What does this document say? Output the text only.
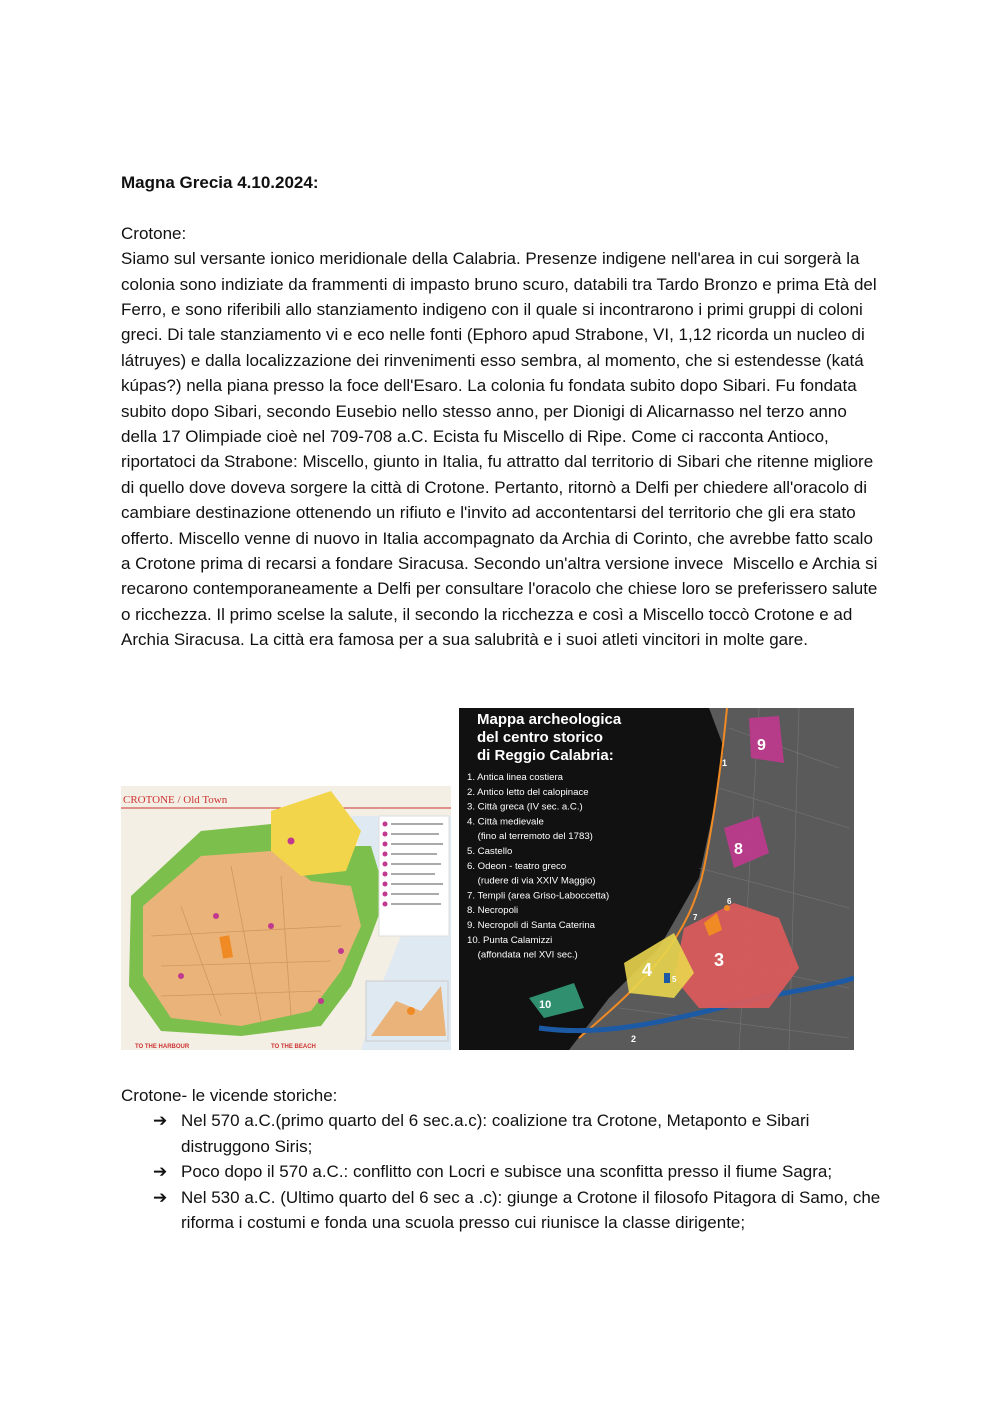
Magna Grecia 4.10.2024:

Crotone:

Siamo sul versante ionico meridionale della Calabria. Presenze indigene nell'area in cui sorgerà la colonia sono indiziate da frammenti di impasto bruno scuro, databili tra Tardo Bronzo e prima Età del Ferro, e sono riferibili allo stanziamento indigeno con il quale si incontrarono i primi gruppi di coloni greci. Di tale stanziamento vi e eco nelle fonti (Ephoro apud Strabone, VI, 1,12 ricorda un nucleo di látruyes) e dalla localizzazione dei rinvenimenti esso sembra, al momento, che si estendesse (katá kúpas?) nella piana presso la foce dell'Esaro. La colonia fu fondata subito dopo Sibari. Fu fondata subito dopo Sibari, secondo Eusebio nello stesso anno, per Dionigi di Alicarnasso nel terzo anno della 17 Olimpiade cioè nel 709-708 a.C. Ecista fu Miscello di Ripe. Come ci racconta Antioco, riportatoci da Strabone: Miscello, giunto in Italia, fu attratto dal territorio di Sibari che ritenne migliore di quello dove doveva sorgere la città di Crotone. Pertanto, ritornò a Delfi per chiedere all'oracolo di cambiare destinazione ottenendo un rifiuto e l'invito ad accontentarsi del territorio che gli era stato offerto. Miscello venne di nuovo in Italia accompagnato da Archia di Corinto, che avrebbe fatto scalo a Crotone prima di recarsi a fondare Siracusa. Secondo un'altra versione invece  Miscello e Archia si recarono contemporaneamente a Delfi per consultare l'oracolo che chiese loro se preferissero salute o ricchezza. Il primo scelse la salute, il secondo la ricchezza e così a Miscello toccò Crotone e ad Archia Siracusa. La città era famosa per a sua salubrità e i suoi atleti vincitori in molte gare.

CROTONE / Old Town
TO THE HARBOUR	TO THE BEACH
1
2
3
4 5
6
7
8
9
10
Mappa archeologica
del centro storico
di Reggio Calabria:
1. Antica linea costiera
2. Antico letto del calopinace
3. Città greca (IV sec. a.C.)
4. Città medievale
(fino al terremoto del 1783)
5. Castello
6. Odeon - teatro greco
(rudere di via XXIV Maggio)
7. Templi (area Griso-Laboccetta)
8. Necropoli
9. Necropoli di Santa Caterina
10. Punta Calamizzi
(affondata nel XVI sec.)

Crotone- le vicende storiche:

➔ Nel 570 a.C.(primo quarto del 6 sec.a.c): coalizione tra Crotone, Metaponto e Sibari distruggono Siris;
➔ Poco dopo il 570 a.C.: conflitto con Locri e subisce una sconfitta presso il fiume Sagra;
➔ Nel 530 a.C. (Ultimo quarto del 6 sec a .c): giunge a Crotone il filosofo Pitagora di Samo, che riforma i costumi e fonda una scuola presso cui riunisce la classe dirigente;
